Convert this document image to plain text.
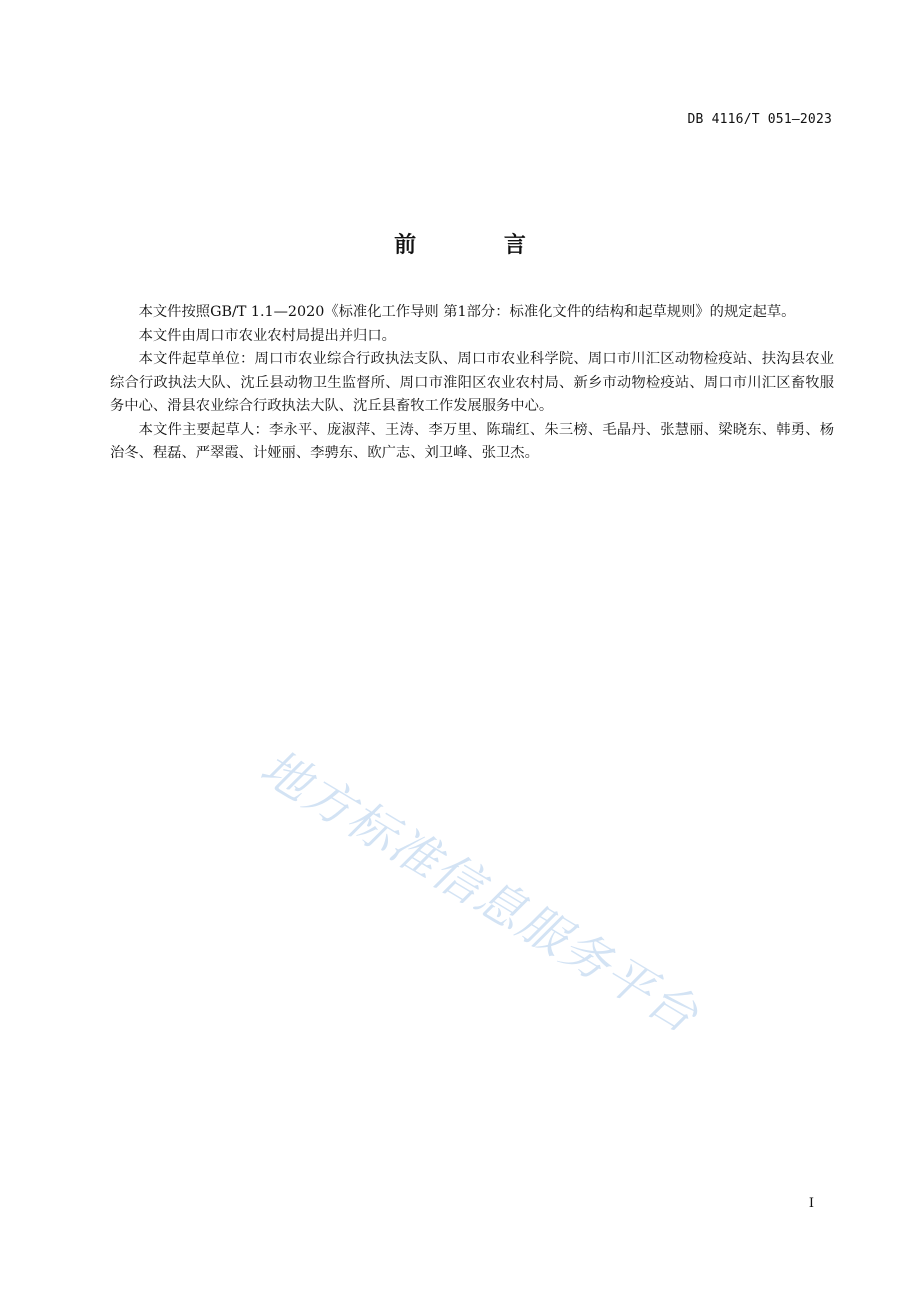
DB 4116/T 051—2023
前 言

本文件按照GB/T 1.1—2020《标准化工作导则 第1部分：标准化文件的结构和起草规则》的规定起草。

本文件由周口市农业农村局提出并归口。

本文件起草单位：周口市农业综合行政执法支队、周口市农业科学院、周口市川汇区动物检疫站、扶沟县农业综合行政执法大队、沈丘县动物卫生监督所、周口市淮阳区农业农村局、新乡市动物检疫站、周口市川汇区畜牧服务中心、滑县农业综合行政执法大队、沈丘县畜牧工作发展服务中心。

本文件主要起草人：李永平、庞淑萍、王涛、李万里、陈瑞红、朱三榜、毛晶丹、张慧丽、梁晓东、韩勇、杨治冬、程磊、严翠霞、计娅丽、李骋东、欧广志、刘卫峰、张卫杰。

地方标准信息服务平台
I
